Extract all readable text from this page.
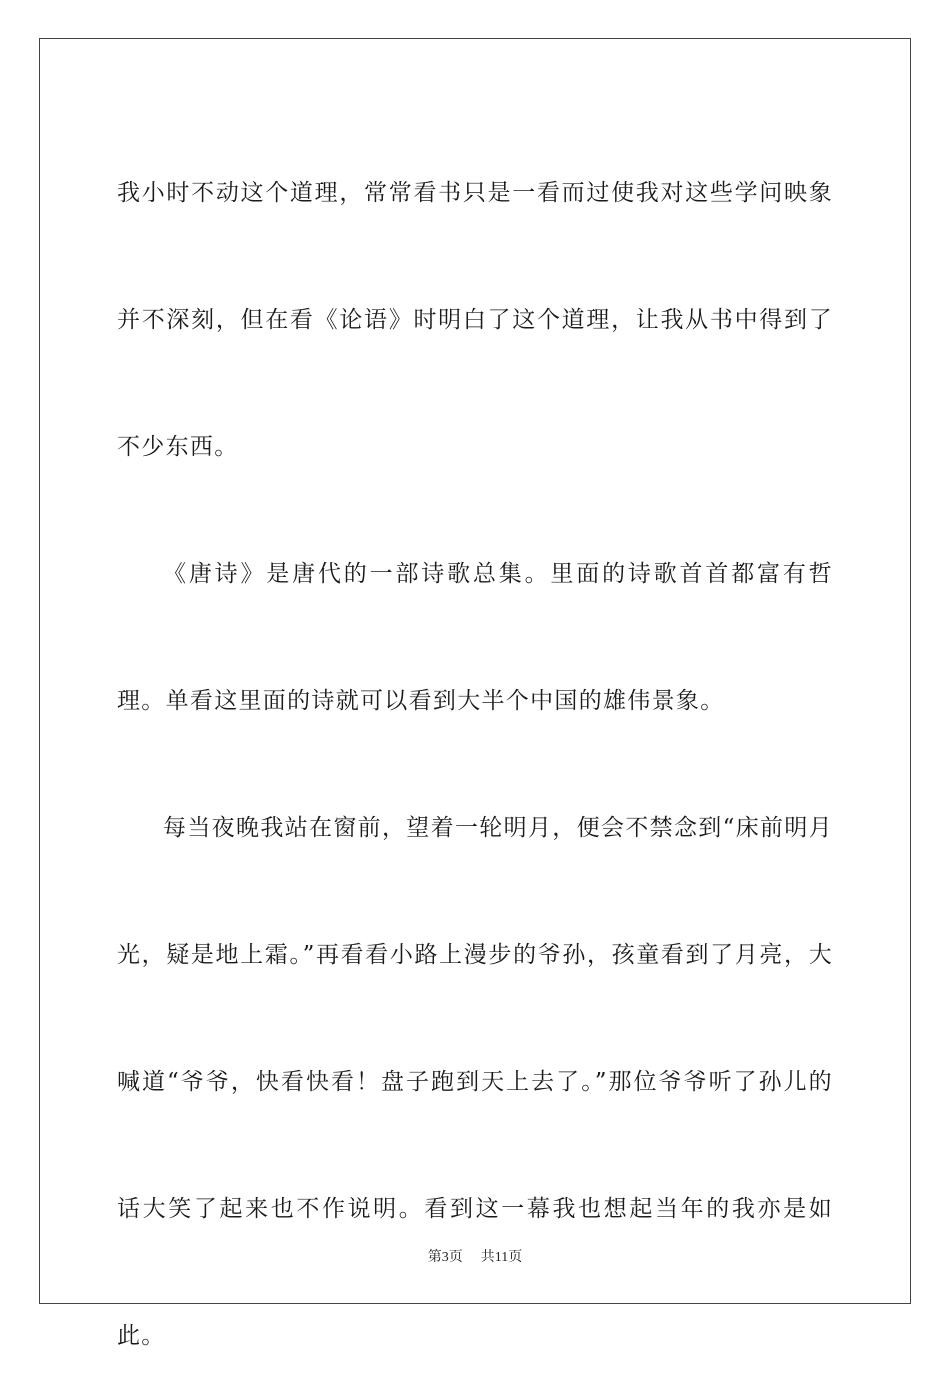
我小时不动这个道理，常常看书只是一看而过使我对这些学问映象并不深刻，但在看《论语》时明白了这个道理，让我从书中得到了不少东西。

《唐诗》是唐代的一部诗歌总集。里面的诗歌首首都富有哲理。单看这里面的诗就可以看到大半个中国的雄伟景象。

每当夜晚我站在窗前，望着一轮明月，便会不禁念到“床前明月光，疑是地上霜。”再看看小路上漫步的爷孙，孩童看到了月亮，大喊道“爷爷，快看快看！盘子跑到天上去了。”那位爷爷听了孙儿的话大笑了起来也不作说明。看到这一幕我也想起当年的我亦是如此。

第3页 共11页
